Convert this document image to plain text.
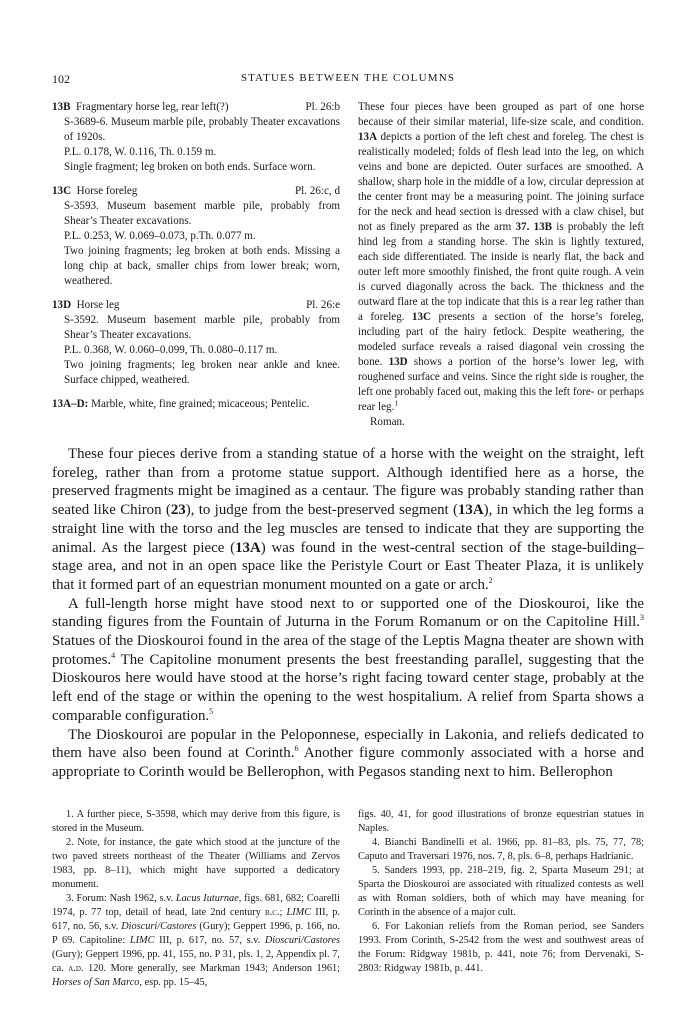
102	STATUES BETWEEN THE COLUMNS
13B Fragmentary horse leg, rear left(?)	Pl. 26:b
S-3689-6. Museum marble pile, probably Theater excavations of 1920s.
P.L. 0.178, W. 0.116, Th. 0.159 m.
Single fragment; leg broken on both ends. Surface worn.
13C Horse foreleg	Pl. 26:c, d
S-3593. Museum basement marble pile, probably from Shear’s Theater excavations.
P.L. 0.253, W. 0.069–0.073, p.Th. 0.077 m.
Two joining fragments; leg broken at both ends. Missing a long chip at back, smaller chips from lower break; worn, weathered.
13D Horse leg	Pl. 26:e
S-3592. Museum basement marble pile, probably from Shear’s Theater excavations.
P.L. 0.368, W. 0.060–0.099, Th. 0.080–0.117 m.
Two joining fragments; leg broken near ankle and knee. Surface chipped, weathered.
13A–D: Marble, white, fine grained; micaceous; Pentelic.
These four pieces have been grouped as part of one horse because of their similar material, life-size scale, and condition. 13A depicts a portion of the left chest and foreleg. The chest is realistically modeled; folds of flesh lead into the leg, on which veins and bone are depicted. Outer surfaces are smoothed. A shallow, sharp hole in the middle of a low, circular depression at the center front may be a measuring point. The joining surface for the neck and head section is dressed with a claw chisel, but not as finely prepared as the arm 37. 13B is probably the left hind leg from a standing horse. The skin is lightly textured, each side differentiated. The inside is nearly flat, the back and outer left more smoothly finished, the front quite rough. A vein is curved diagonally across the back. The thickness and the outward flare at the top indicate that this is a rear leg rather than a foreleg. 13C presents a section of the horse’s foreleg, including part of the hairy fetlock. Despite weathering, the modeled surface reveals a raised diagonal vein crossing the bone. 13D shows a portion of the horse’s lower leg, with roughened surface and veins. Since the right side is rougher, the left one probably faced out, making this the left fore- or perhaps rear leg.$^1$
Roman.

These four pieces derive from a standing statue of a horse with the weight on the straight, left foreleg, rather than from a protome statue support. Although identified here as a horse, the preserved fragments might be imagined as a centaur. The figure was probably standing rather than seated like Chiron (23), to judge from the best-preserved segment (13A), in which the leg forms a straight line with the torso and the leg muscles are tensed to indicate that they are supporting the animal. As the largest piece (13A) was found in the west-central section of the stage-building–stage area, and not in an open space like the Peristyle Court or East Theater Plaza, it is unlikely that it formed part of an equestrian monument mounted on a gate or arch.$^2$

A full-length horse might have stood next to or supported one of the Dioskouroi, like the standing figures from the Fountain of Juturna in the Forum Romanum or on the Capitoline Hill.$^3$ Statues of the Dioskouroi found in the area of the stage of the Leptis Magna theater are shown with protomes.$^4$ The Capitoline monument presents the best freestanding parallel, suggesting that the Dioskouros here would have stood at the horse’s right facing toward center stage, probably at the left end of the stage or within the opening to the west hospitalium. A relief from Sparta shows a comparable configuration.$^5$

The Dioskouroi are popular in the Peloponnese, especially in Lakonia, and reliefs dedicated to them have also been found at Corinth.$^6$ Another figure commonly associated with a horse and appropriate to Corinth would be Bellerophon, with Pegasos standing next to him. Bellerophon

1. A further piece, S-3598, which may derive from this figure, is stored in the Museum.

2. Note, for instance, the gate which stood at the juncture of the two paved streets northeast of the Theater (Williams and Zervos 1983, pp. 8–11), which might have supported a dedicatory monument.

3. Forum: Nash 1962, s.v. Lacus Iuturnae, figs. 681, 682; Coarelli 1974, p. 77 top, detail of head, late 2nd century b.c.; LIMC III, p. 617, no. 56, s.v. Dioscuri/Castores (Gury); Geppert 1996, p. 166, no. P 69. Capitoline: LIMC III, p. 617, no. 57, s.v. Dioscuri/Castores (Gury); Geppert 1996, pp. 41, 155, no. P 31, pls. 1, 2, Appendix pl. 7, ca. a.d. 120. More generally, see Markman 1943; Anderson 1961; Horses of San Marco, esp. pp. 15–45,

figs. 40, 41, for good illustrations of bronze equestrian statues in Naples.

4. Bianchi Bandinelli et al. 1966, pp. 81–83, pls. 75, 77, 78; Caputo and Traversari 1976, nos. 7, 8, pls. 6–8, perhaps Hadrianic.

5. Sanders 1993, pp. 218–219, fig. 2, Sparta Museum 291; at Sparta the Dioskouroi are associated with ritualized contests as well as with Roman soldiers, both of which may have meaning for Corinth in the absence of a major cult.

6. For Lakonian reliefs from the Roman period, see Sanders 1993. From Corinth, S-2542 from the west and southwest areas of the Forum: Ridgway 1981b, p. 441, note 76; from Dervenaki, S-2803: Ridgway 1981b, p. 441.
